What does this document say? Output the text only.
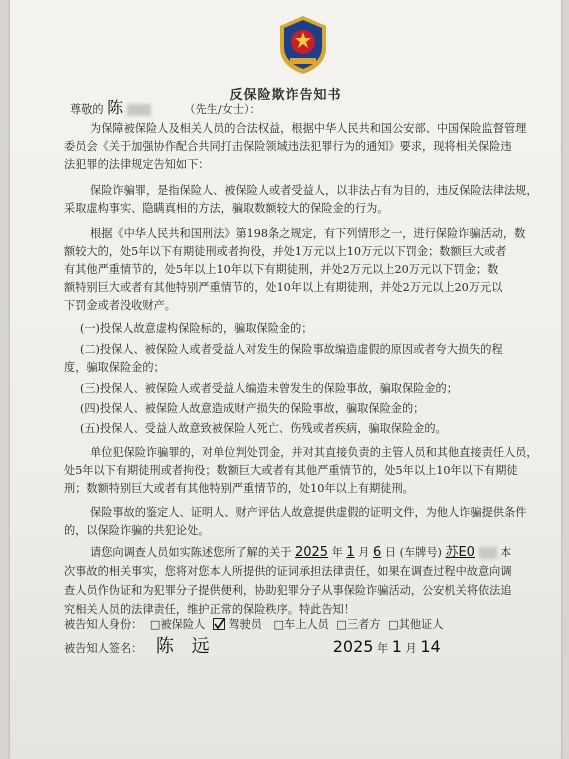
反保险欺诈告知书
尊敬的 陈	（先生/女士）：
为保障被保险人及相关人员的合法权益，根据中华人民共和国公安部、中国保险监督管理
委员会《关于加强协作配合共同打击保险领域违法犯罪行为的通知》要求，现将相关保险违
法犯罪的法律规定告知如下：
保险诈骗罪，是指保险人、被保险人或者受益人，以非法占有为目的，违反保险法律法规，
采取虚构事实、隐瞒真相的方法，骗取数额较大的保险金的行为。
根据《中华人民共和国刑法》第198条之规定，有下列情形之一，进行保险诈骗活动，数
额较大的，处5年以下有期徒刑或者拘役，并处1万元以上10万元以下罚金；数额巨大或者
有其他严重情节的，处5年以上10年以下有期徒刑，并处2万元以上20万元以下罚金；数
额特别巨大或者有其他特别严重情节的，处10年以上有期徒刑，并处2万元以上20万元以
下罚金或者没收财产。
(一)投保人故意虚构保险标的，骗取保险金的；
(二)投保人、被保险人或者受益人对发生的保险事故编造虚假的原因或者夸大损失的程
度，骗取保险金的；
(三)投保人、被保险人或者受益人编造未曾发生的保险事故，骗取保险金的；
(四)投保人、被保险人故意造成财产损失的保险事故，骗取保险金的；
(五)投保人、受益人故意致被保险人死亡、伤残或者疾病，骗取保险金的。
单位犯保险诈骗罪的，对单位判处罚金，并对其直接负责的主管人员和其他直接责任人员，
处5年以下有期徒刑或者拘役；数额巨大或者有其他严重情节的，处5年以上10年以下有期徒
刑；数额特别巨大或者有其他特别严重情节的，处10年以上有期徒刑。
保险事故的鉴定人、证明人、财产评估人故意提供虚假的证明文件，为他人诈骗提供条件
的，以保险诈骗的共犯论处。
请您向调查人员如实陈述您所了解的关于 2025 年 1 月 6 日 (车牌号) 苏E0 本
次事故的相关事实，您将对您本人所提供的证词承担法律责任，如果在调查过程中故意向调
查人员作伪证和为犯罪分子提供便利，协助犯罪分子从事保险诈骗活动，公安机关将依法追
究相关人员的法律责任，维护正常的保险秩序。特此告知！
被告知人身份： □被保险人 驾驶员 □车上人员 □三者方 □其他证人
被告知人签名： 陈 远	2025 年 1 月 14
